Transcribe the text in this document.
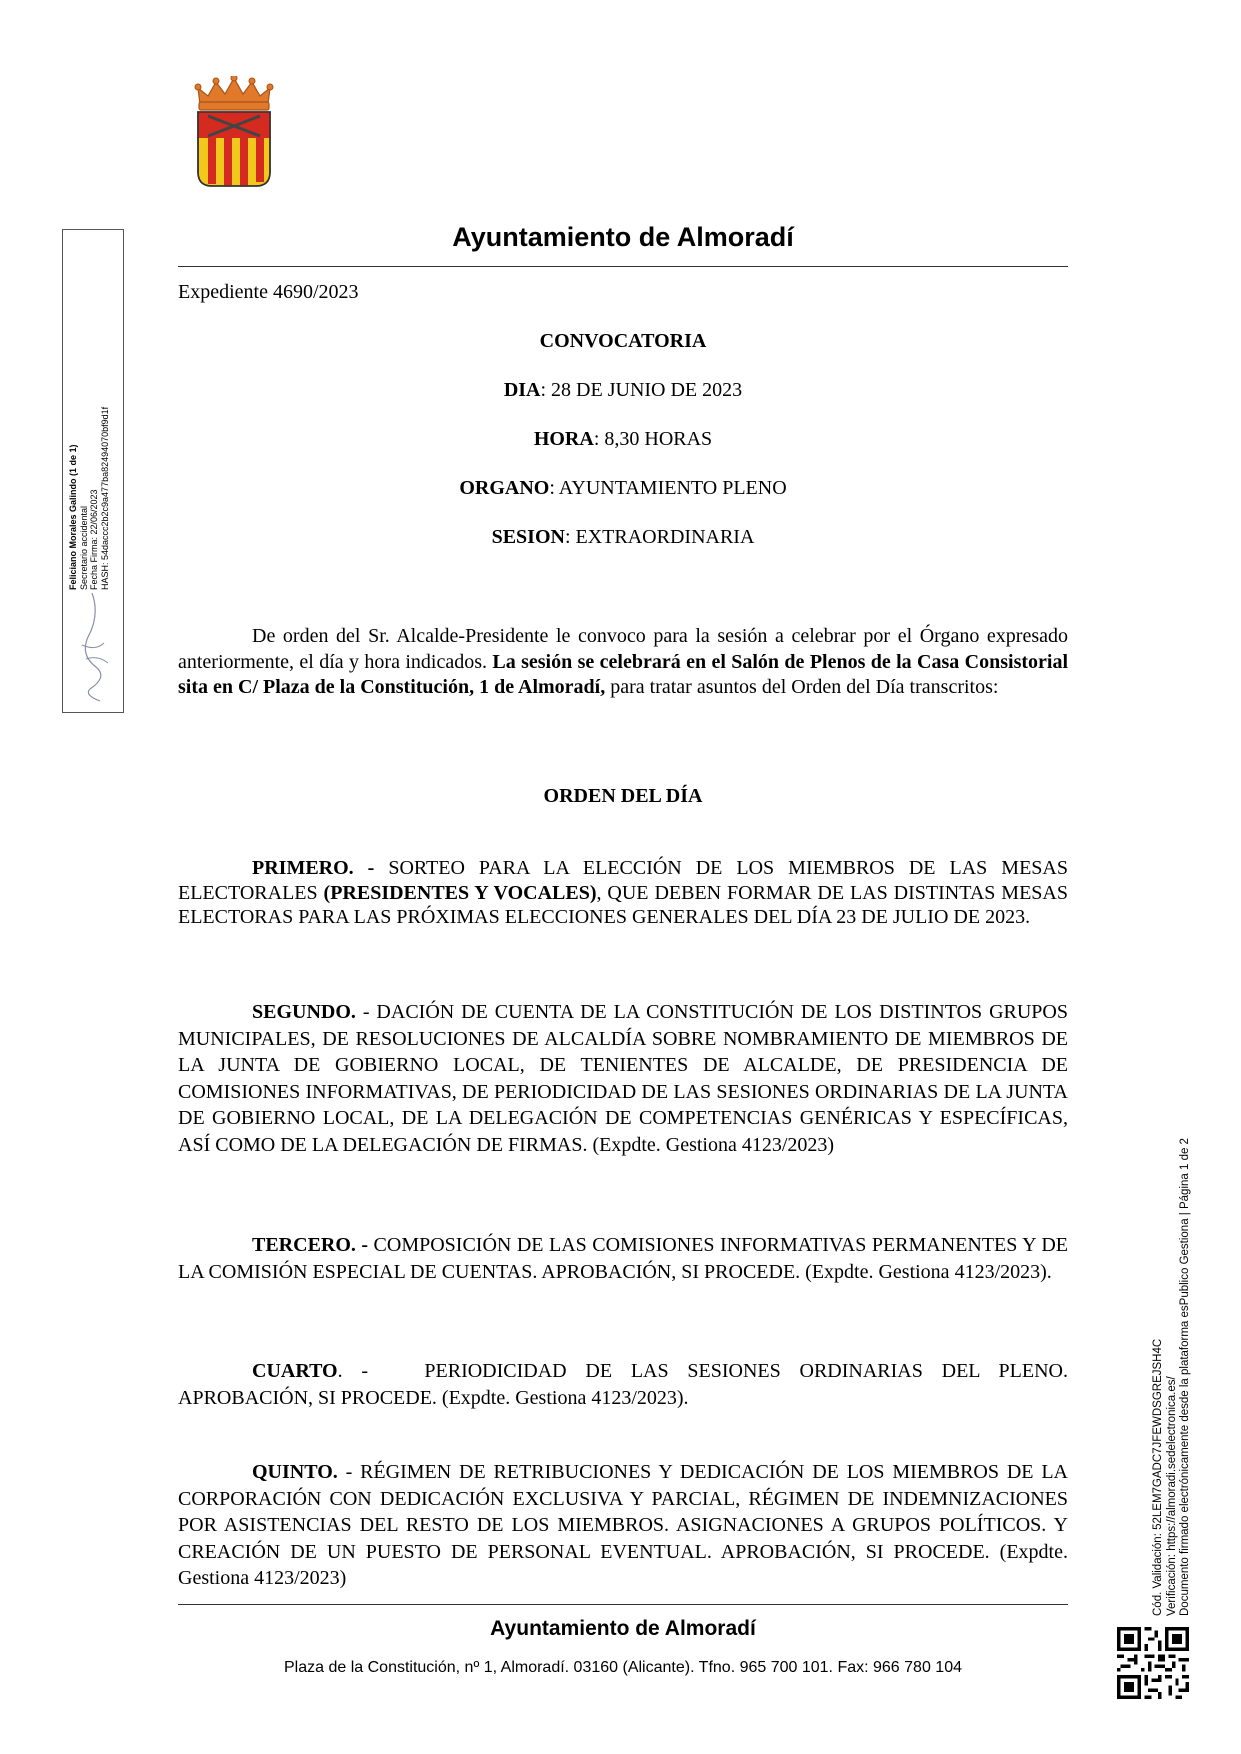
Ayuntamiento de Almoradí
Expediente 4690/2023
CONVOCATORIA
DIA: 28 DE JUNIO DE 2023
HORA: 8,30 HORAS
ORGANO: AYUNTAMIENTO PLENO
SESION: EXTRAORDINARIA
De orden del Sr. Alcalde-Presidente le convoco para la sesión a celebrar por el Órgano expresado anteriormente, el día y hora indicados. La sesión se celebrará en el Salón de Plenos de la Casa Consistorial sita en C/ Plaza de la Constitución, 1 de Almoradí, para tratar asuntos del Orden del Día transcritos:
ORDEN DEL DÍA
PRIMERO. - SORTEO PARA LA ELECCIÓN DE LOS MIEMBROS DE LAS MESAS ELECTORALES (PRESIDENTES Y VOCALES), QUE DEBEN FORMAR DE LAS DISTINTAS MESAS ELECTORAS PARA LAS PRÓXIMAS ELECCIONES GENERALES DEL DÍA 23 DE JULIO DE 2023.
SEGUNDO. - DACIÓN DE CUENTA DE LA CONSTITUCIÓN DE LOS DISTINTOS GRUPOS MUNICIPALES, DE RESOLUCIONES DE ALCALDÍA SOBRE NOMBRAMIENTO DE MIEMBROS DE LA JUNTA DE GOBIERNO LOCAL, DE TENIENTES DE ALCALDE, DE PRESIDENCIA DE COMISIONES INFORMATIVAS, DE PERIODICIDAD DE LAS SESIONES ORDINARIAS DE LA JUNTA DE GOBIERNO LOCAL, DE LA DELEGACIÓN DE COMPETENCIAS GENÉRICAS Y ESPECÍFICAS, ASÍ COMO DE LA DELEGACIÓN DE FIRMAS. (Expdte. Gestiona 4123/2023)
TERCERO. - COMPOSICIÓN DE LAS COMISIONES INFORMATIVAS PERMANENTES Y DE LA COMISIÓN ESPECIAL DE CUENTAS. APROBACIÓN, SI PROCEDE. (Expdte. Gestiona 4123/2023).
CUARTO. -   PERIODICIDAD DE LAS SESIONES ORDINARIAS DEL PLENO. APROBACIÓN, SI PROCEDE. (Expdte. Gestiona 4123/2023).
QUINTO. - RÉGIMEN DE RETRIBUCIONES Y DEDICACIÓN DE LOS MIEMBROS DE LA CORPORACIÓN CON DEDICACIÓN EXCLUSIVA Y PARCIAL, RÉGIMEN DE INDEMNIZACIONES POR ASISTENCIAS DEL RESTO DE LOS MIEMBROS. ASIGNACIONES A GRUPOS POLÍTICOS. Y CREACIÓN DE UN PUESTO DE PERSONAL EVENTUAL. APROBACIÓN, SI PROCEDE. (Expdte. Gestiona 4123/2023)
Ayuntamiento de Almoradí
Plaza de la Constitución, nº 1, Almoradí. 03160 (Alicante). Tfno. 965 700 101. Fax: 966 780 104
Feliciano Morales Galindo (1 de 1) Secretario accidental Fecha Firma: 22/06/2023 HASH: 54daccc2b2c9a477ba82494070bf9d1f
Cód. Validación: 52LEM7GADC7JFEWDSGREJSH4C Verificación: https://almoradi.sedelectronica.es/ Documento firmado electrónicamente desde la plataforma esPublico Gestiona | Página 1 de 2
